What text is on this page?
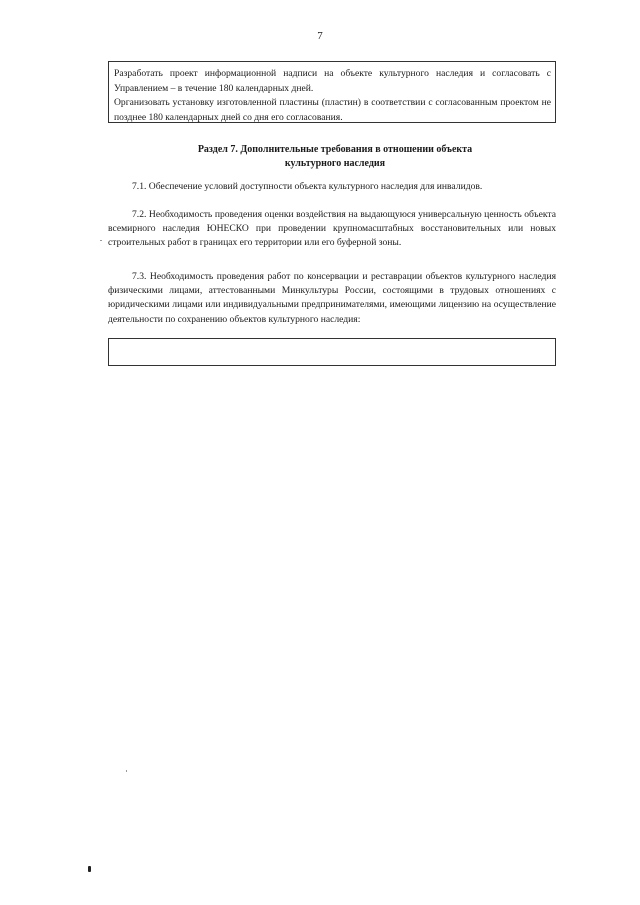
7

Разработать проект информационной надписи на объекте культурного наследия и согласовать с Управлением – в течение 180 календарных дней.

Организовать установку изготовленной пластины (пластин) в соответствии с согласованным проектом не позднее 180 календарных дней со дня его согласования.

Раздел 7. Дополнительные требования в отношении объекта
культурного наследия

7.1. Обеспечение условий доступности объекта культурного наследия для инвалидов.

7.2. Необходимость проведения оценки воздействия на выдающуюся универсальную ценность объекта всемирного наследия ЮНЕСКО при проведении крупномасштабных восстановительных или новых строительных работ в границах его территории или его буферной зоны.

7.3. Необходимость проведения работ по консервации и реставрации объектов культурного наследия физическими лицами, аттестованными Минкультуры России, состоящими в трудовых отношениях с юридическими лицами или индивидуальными предпринимателями, имеющими лицензию на осуществление деятельности по сохранению объектов культурного наследия:
